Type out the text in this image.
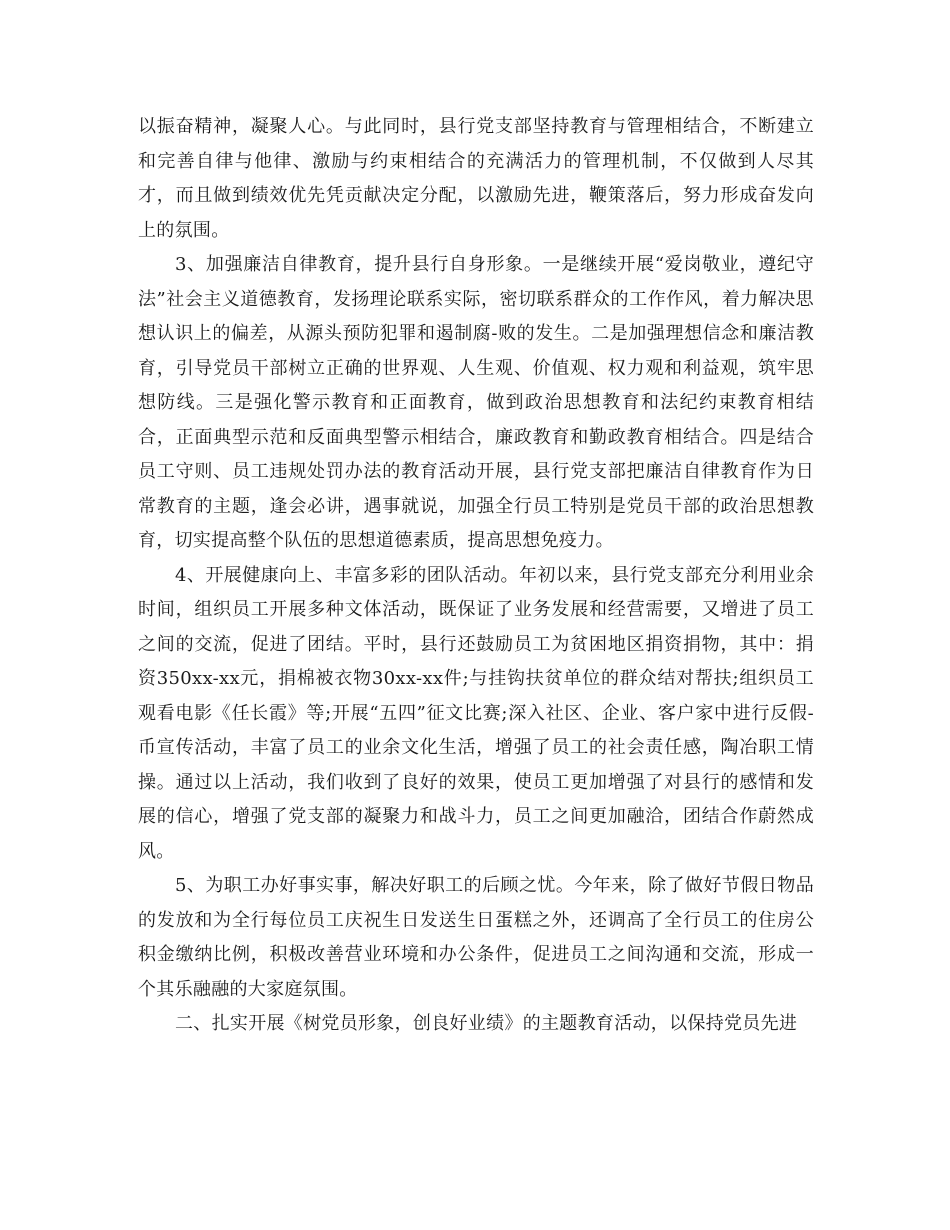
以振奋精神，凝聚人心。与此同时，县行党支部坚持教育与管理相结合，不断建立和完善自律与他律、激励与约束相结合的充满活力的管理机制，不仅做到人尽其才，而且做到绩效优先凭贡献决定分配，以激励先进，鞭策落后，努力形成奋发向上的氛围。

3、加强廉洁自律教育，提升县行自身形象。一是继续开展“爱岗敬业，遵纪守法”社会主义道德教育，发扬理论联系实际，密切联系群众的工作作风，着力解决思想认识上的偏差，从源头预防犯罪和遏制腐-败的发生。二是加强理想信念和廉洁教育，引导党员干部树立正确的世界观、人生观、价值观、权力观和利益观，筑牢思想防线。三是强化警示教育和正面教育，做到政治思想教育和法纪约束教育相结合，正面典型示范和反面典型警示相结合，廉政教育和勤政教育相结合。四是结合员工守则、员工违规处罚办法的教育活动开展，县行党支部把廉洁自律教育作为日常教育的主题，逢会必讲，遇事就说，加强全行员工特别是党员干部的政治思想教育，切实提高整个队伍的思想道德素质，提高思想免疫力。

4、开展健康向上、丰富多彩的团队活动。年初以来，县行党支部充分利用业余时间，组织员工开展多种文体活动，既保证了业务发展和经营需要，又增进了员工之间的交流，促进了团结。平时，县行还鼓励员工为贫困地区捐资捐物，其中：捐资350xx-xx元，捐棉被衣物30xx-xx件;与挂钩扶贫单位的群众结对帮扶;组织员工观看电影《任长霞》等;开展“五四”征文比赛;深入社区、企业、客户家中进行反假-币宣传活动，丰富了员工的业余文化生活，增强了员工的社会责任感，陶冶职工情操。通过以上活动，我们收到了良好的效果，使员工更加增强了对县行的感情和发展的信心，增强了党支部的凝聚力和战斗力，员工之间更加融洽，团结合作蔚然成风。

5、为职工办好事实事，解决好职工的后顾之忧。今年来，除了做好节假日物品的发放和为全行每位员工庆祝生日发送生日蛋糕之外，还调高了全行员工的住房公积金缴纳比例，积极改善营业环境和办公条件，促进员工之间沟通和交流，形成一个其乐融融的大家庭氛围。

二、扎实开展《树党员形象，创良好业绩》的主题教育活动，以保持党员先进
